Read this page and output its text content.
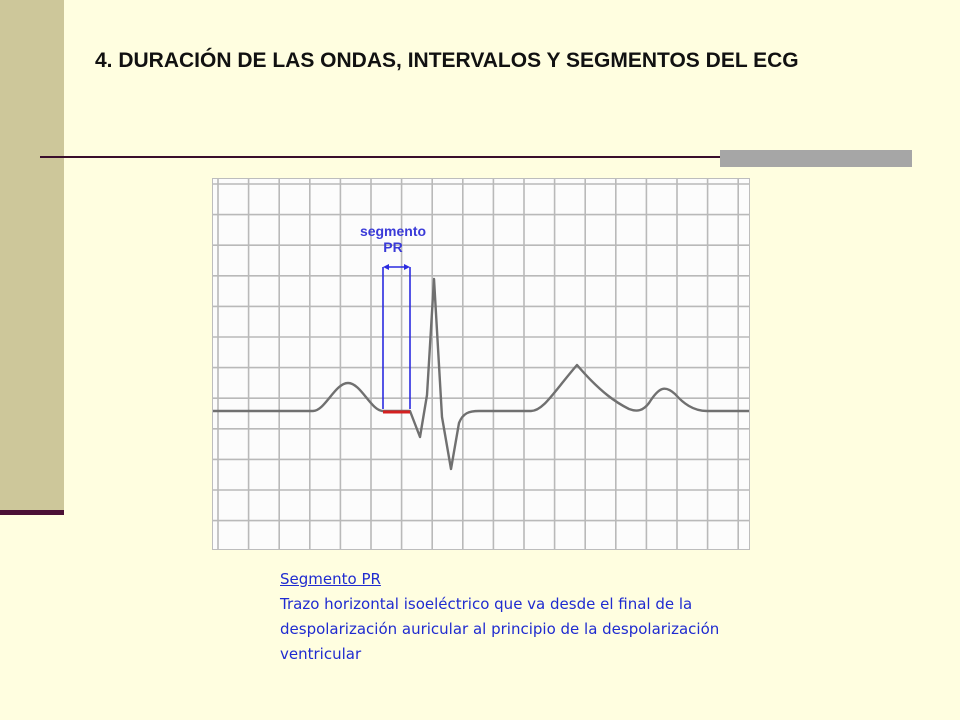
4. DURACIÓN DE LAS ONDAS, INTERVALOS Y SEGMENTOS DEL ECG
segmento
PR
Segmento PR
Trazo horizontal isoeléctrico que va desde el final de la despolarización auricular al principio de la despolarización ventricular
